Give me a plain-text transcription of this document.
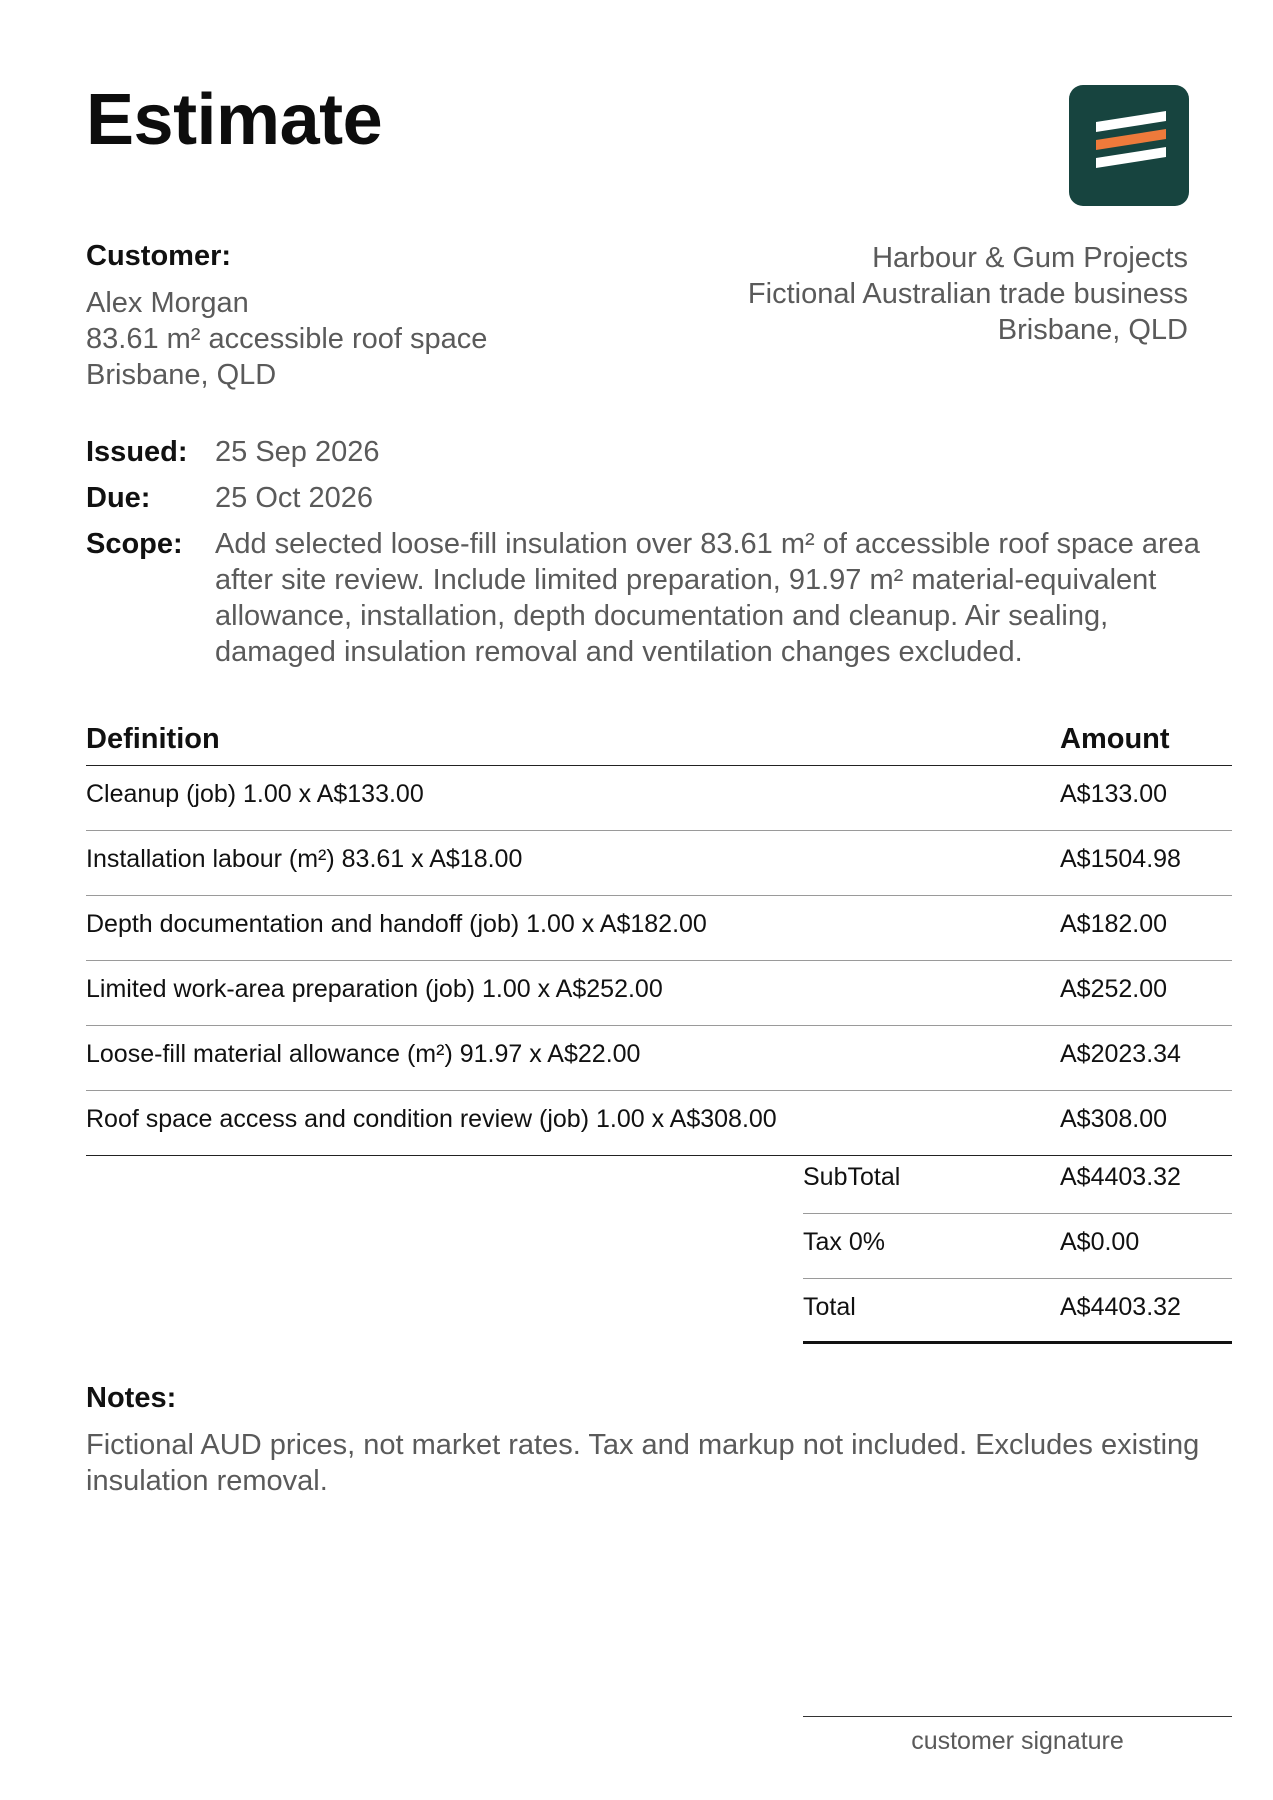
Estimate
Customer:
Alex Morgan
83.61 m² accessible roof space
Brisbane, QLD
Harbour & Gum Projects
Fictional Australian trade business
Brisbane, QLD
Issued: 25 Sep 2026
Due:	25 Oct 2026
Scope:	Add selected loose-fill insulation over 83.61 m² of accessible roof space area after site review. Include limited preparation, 91.97 m² material-equivalent allowance, installation, depth documentation and cleanup. Air sealing, damaged insulation removal and ventilation changes excluded.
Definition	Amount
Cleanup (job) 1.00 x A$133.00	A$133.00
Installation labour (m²) 83.61 x A$18.00	A$1504.98
Depth documentation and handoff (job) 1.00 x A$182.00	A$182.00
Limited work-area preparation (job) 1.00 x A$252.00	A$252.00
Loose-fill material allowance (m²) 91.97 x A$22.00	A$2023.34
Roof space access and condition review (job) 1.00 x A$308.00	A$308.00
SubTotal	A$4403.32
Tax 0%	A$0.00
Total	A$4403.32
Notes:
Fictional AUD prices, not market rates. Tax and markup not included. Excludes existing insulation removal.
customer signature
